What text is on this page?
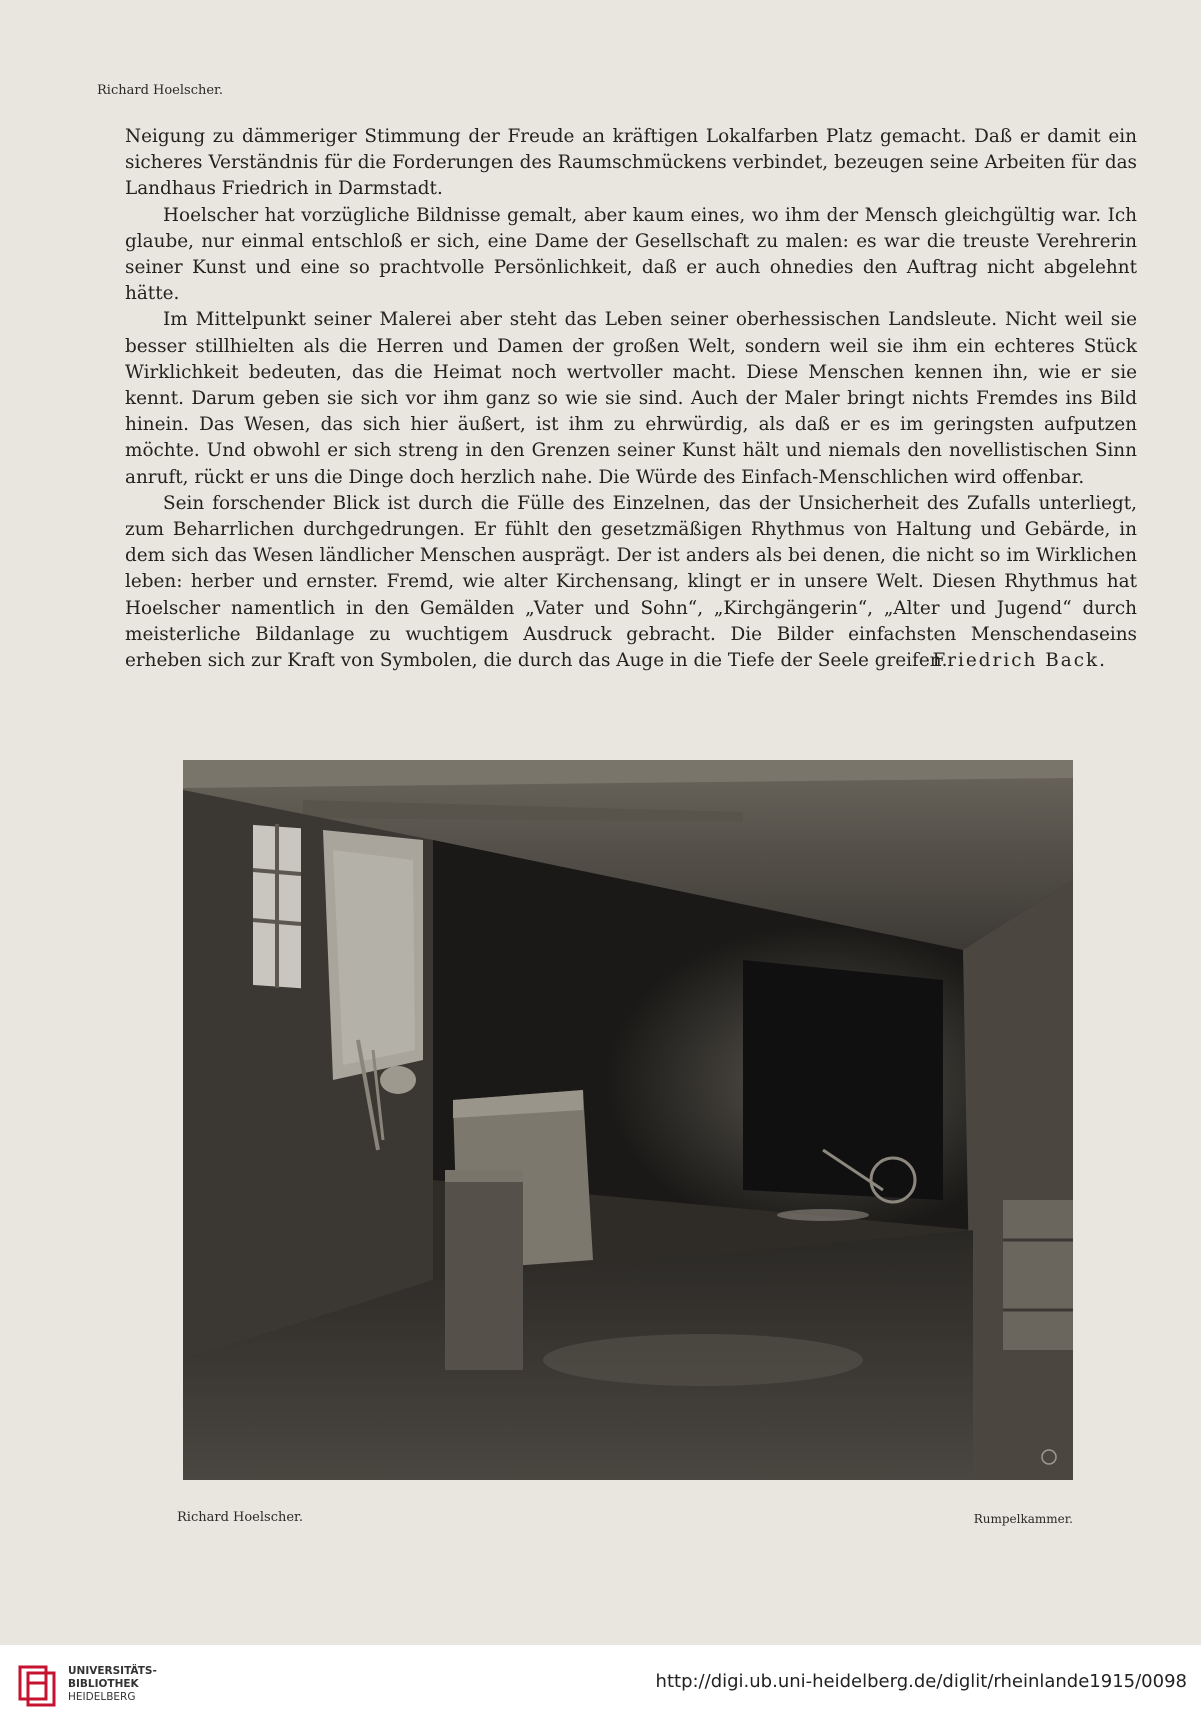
Richard Hoelscher.

Neigung zu dämmeriger Stimmung der Freude an kräftigen Lokalfarben Platz gemacht. Daß er damit ein sicheres Verständnis für die Forderungen des Raumschmückens verbindet, bezeugen seine Arbeiten für das Landhaus Friedrich in Darmstadt.

Hoelscher hat vorzügliche Bildnisse gemalt, aber kaum eines, wo ihm der Mensch gleichgültig war. Ich glaube, nur einmal entschloß er sich, eine Dame der Gesellschaft zu malen: es war die treuste Verehrerin seiner Kunst und eine so prachtvolle Persönlichkeit, daß er auch ohnedies den Auftrag nicht abgelehnt hätte.

Im Mittelpunkt seiner Malerei aber steht das Leben seiner oberhessischen Landsleute. Nicht weil sie besser stillhielten als die Herren und Damen der großen Welt, sondern weil sie ihm ein echteres Stück Wirklichkeit bedeuten, das die Heimat noch wertvoller macht. Diese Menschen kennen ihn, wie er sie kennt. Darum geben sie sich vor ihm ganz so wie sie sind. Auch der Maler bringt nichts Fremdes ins Bild hinein. Das Wesen, das sich hier äußert, ist ihm zu ehrwürdig, als daß er es im geringsten aufputzen möchte. Und obwohl er sich streng in den Grenzen seiner Kunst hält und niemals den novellistischen Sinn anruft, rückt er uns die Dinge doch herzlich nahe. Die Würde des Einfach-Menschlichen wird offenbar.

Sein forschender Blick ist durch die Fülle des Einzelnen, das der Unsicherheit des Zufalls unterliegt, zum Beharrlichen durchgedrungen. Er fühlt den gesetzmäßigen Rhythmus von Haltung und Gebärde, in dem sich das Wesen ländlicher Menschen ausprägt. Der ist anders als bei denen, die nicht so im Wirklichen leben: herber und ernster. Fremd, wie alter Kirchensang, klingt er in unsere Welt. Diesen Rhythmus hat Hoelscher namentlich in den Gemälden „Vater und Sohn“, „Kirchgängerin“, „Alter und Jugend“ durch meisterliche Bildanlage zu wuchtigem Ausdruck gebracht. Die Bilder einfachsten Menschendaseins erheben sich zur Kraft von Symbolen, die durch das Auge in die Tiefe der Seele greifen.

Friedrich Back.
Richard Hoelscher.	Rumpelkammer.
UNIVERSITÄTS-
BIBLIOTHEK
HEIDELBERG
http://digi.ub.uni-heidelberg.de/diglit/rheinlande1915/0098
